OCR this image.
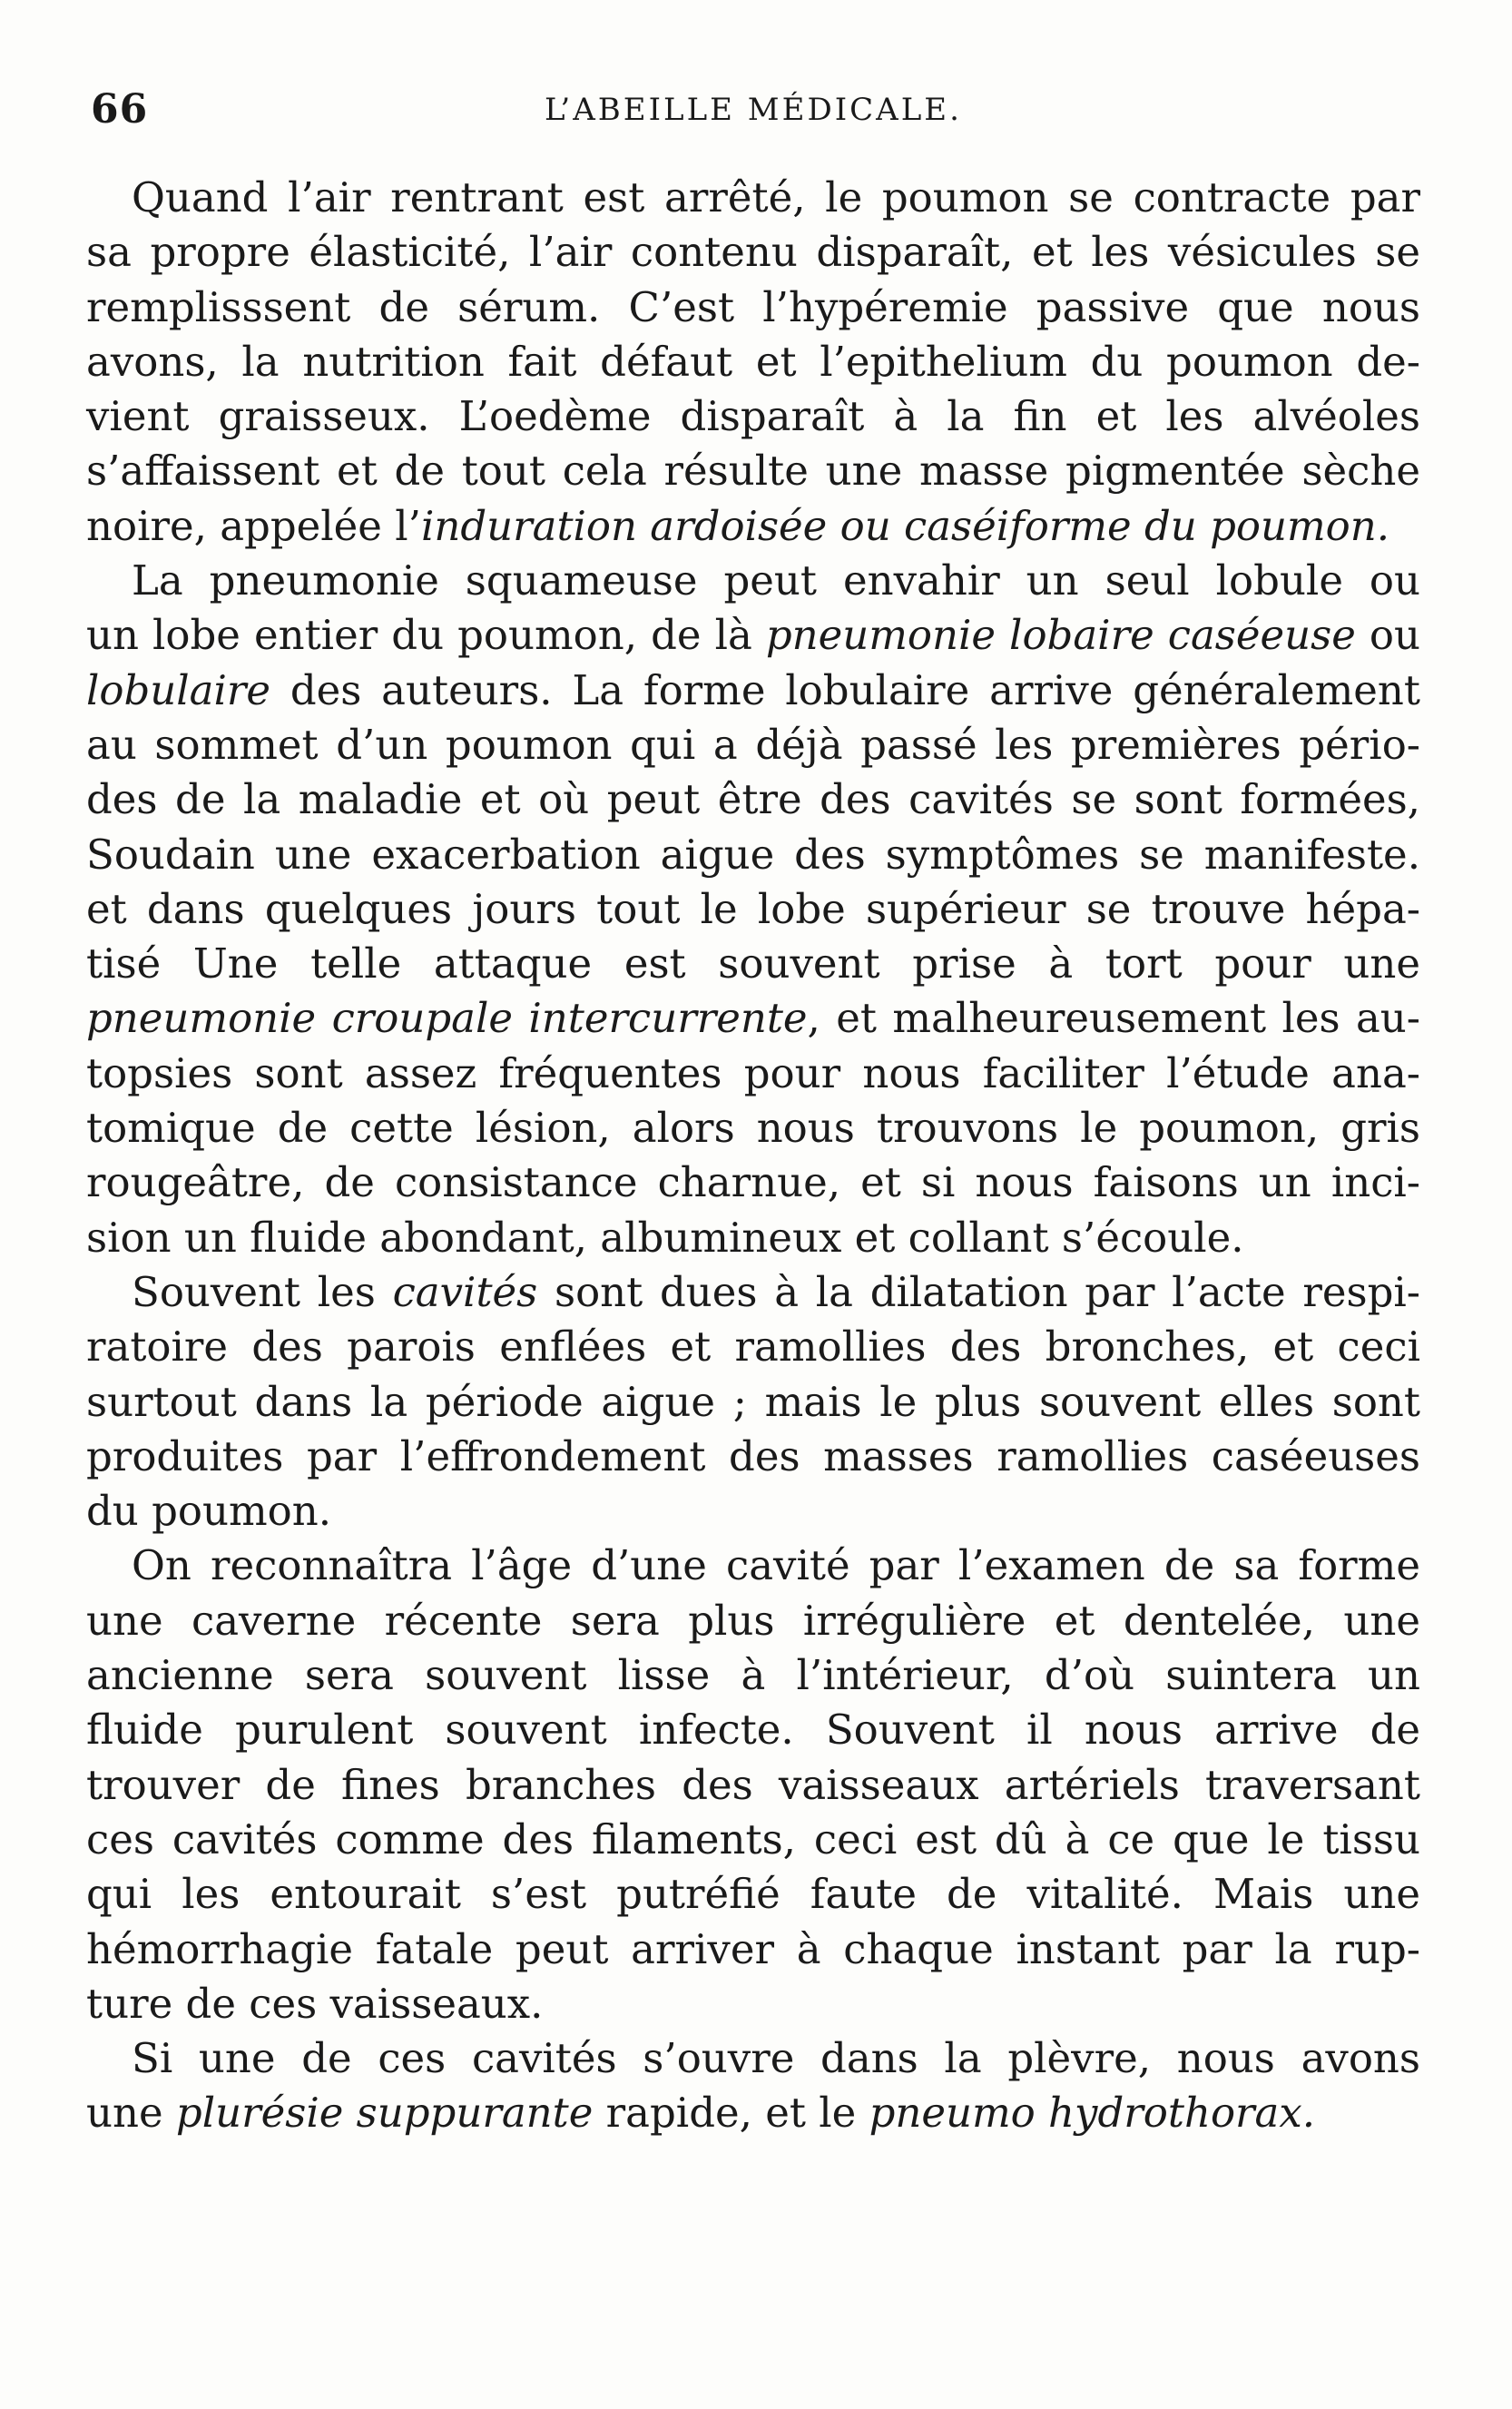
66	L’ABEILLE MÉDICALE.
Quand l’air rentrant est arrêté, le poumon se contracte par
sa propre élasticité, l’air contenu disparaît, et les vésicules se
remplisssent de sérum. C’est l’hypéremie passive que nous
avons, la nutrition fait défaut et l’epithelium du poumon de-
vient graisseux. L’oedème disparaît à la fin et les alvéoles
s’affaissent et de tout cela résulte une masse pigmentée sèche
noire, appelée l’induration ardoisée ou caséiforme du poumon.
La pneumonie squameuse peut envahir un seul lobule ou
un lobe entier du poumon, de là pneumonie lobaire caséeuse ou
lobulaire des auteurs. La forme lobulaire arrive généralement
au sommet d’un poumon qui a déjà passé les premières pério-
des de la maladie et où peut être des cavités se sont formées,
Soudain une exacerbation aigue des symptômes se manifeste.
et dans quelques jours tout le lobe supérieur se trouve hépa-
tisé Une telle attaque est souvent prise à tort pour une
pneumonie croupale intercurrente, et malheureusement les au-
topsies sont assez fréquentes pour nous faciliter l’étude ana-
tomique de cette lésion, alors nous trouvons le poumon, gris
rougeâtre, de consistance charnue, et si nous faisons un inci-
sion un fluide abondant, albumineux et collant s’écoule.
Souvent les cavités sont dues à la dilatation par l’acte respi-
ratoire des parois enflées et ramollies des bronches, et ceci
surtout dans la période aigue ; mais le plus souvent elles sont
produites par l’effrondement des masses ramollies caséeuses
du poumon.
On reconnaîtra l’âge d’une cavité par l’examen de sa forme
une caverne récente sera plus irrégulière et dentelée, une
ancienne sera souvent lisse à l’intérieur, d’où suintera un
fluide purulent souvent infecte. Souvent il nous arrive de
trouver de fines branches des vaisseaux artériels traversant
ces cavités comme des filaments, ceci est dû à ce que le tissu
qui les entourait s’est putréfié faute de vitalité. Mais une
hémorrhagie fatale peut arriver à chaque instant par la rup-
ture de ces vaisseaux.
Si une de ces cavités s’ouvre dans la plèvre, nous avons
une plurésie suppurante rapide, et le pneumo hydrothorax.
